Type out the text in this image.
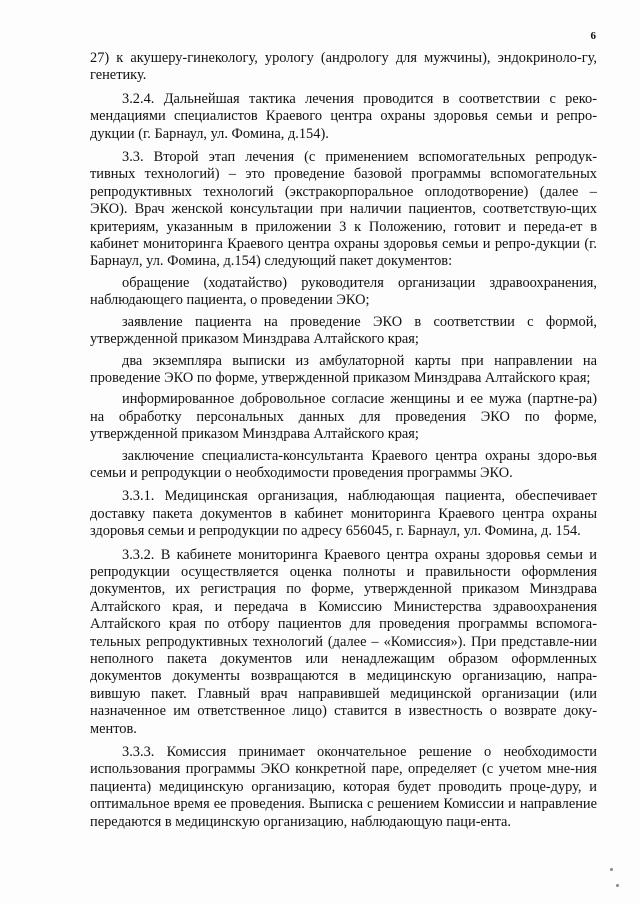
6

27) к акушеру-гинекологу, урологу (андрологу для мужчины), эндокриноло-гу, генетику.

3.2.4. Дальнейшая тактика лечения проводится в соответствии с реко-мендациями специалистов Краевого центра охраны здоровья семьи и репро-дукции (г. Барнаул, ул. Фомина, д.154).

3.3. Второй этап лечения (с применением вспомогательных репродук-тивных технологий) – это проведение базовой программы вспомогательных репродуктивных технологий (экстракорпоральное оплодотворение) (далее – ЭКО). Врач женской консультации при наличии пациентов, соответствую-щих критериям, указанным в приложении 3 к Положению, готовит и переда-ет в кабинет мониторинга Краевого центра охраны здоровья семьи и репро-дукции (г. Барнаул, ул. Фомина, д.154) следующий пакет документов:

обращение (ходатайство) руководителя организации здравоохранения, наблюдающего пациента, о проведении ЭКО;

заявление пациента на проведение ЭКО в соответствии с формой, утвержденной приказом Минздрава Алтайского края;

два экземпляра выписки из амбулаторной карты при направлении на проведение ЭКО по форме, утвержденной приказом Минздрава Алтайского края;

информированное добровольное согласие женщины и ее мужа (партне-ра) на обработку персональных данных для проведения ЭКО по форме, утвержденной приказом Минздрава Алтайского края;

заключение специалиста-консультанта Краевого центра охраны здоро-вья семьи и репродукции о необходимости проведения программы ЭКО.

3.3.1. Медицинская организация, наблюдающая пациента, обеспечивает доставку пакета документов в кабинет мониторинга Краевого центра охраны здоровья семьи и репродукции по адресу 656045, г. Барнаул, ул. Фомина, д. 154.

3.3.2. В кабинете мониторинга Краевого центра охраны здоровья семьи и репродукции осуществляется оценка полноты и правильности оформления документов, их регистрация по форме, утвержденной приказом Минздрава Алтайского края, и передача в Комиссию Министерства здравоохранения Алтайского края по отбору пациентов для проведения программы вспомога-тельных репродуктивных технологий (далее – «Комиссия»). При представле-нии неполного пакета документов или ненадлежащим образом оформленных документов документы возвращаются в медицинскую организацию, напра-вившую пакет. Главный врач направившей медицинской организации (или назначенное им ответственное лицо) ставится в известность о возврате доку-ментов.

3.3.3. Комиссия принимает окончательное решение о необходимости использования программы ЭКО конкретной паре, определяет (с учетом мне-ния пациента) медицинскую организацию, которая будет проводить проце-дуру, и оптимальное время ее проведения. Выписка с решением Комиссии и направление передаются в медицинскую организацию, наблюдающую паци-ента.
